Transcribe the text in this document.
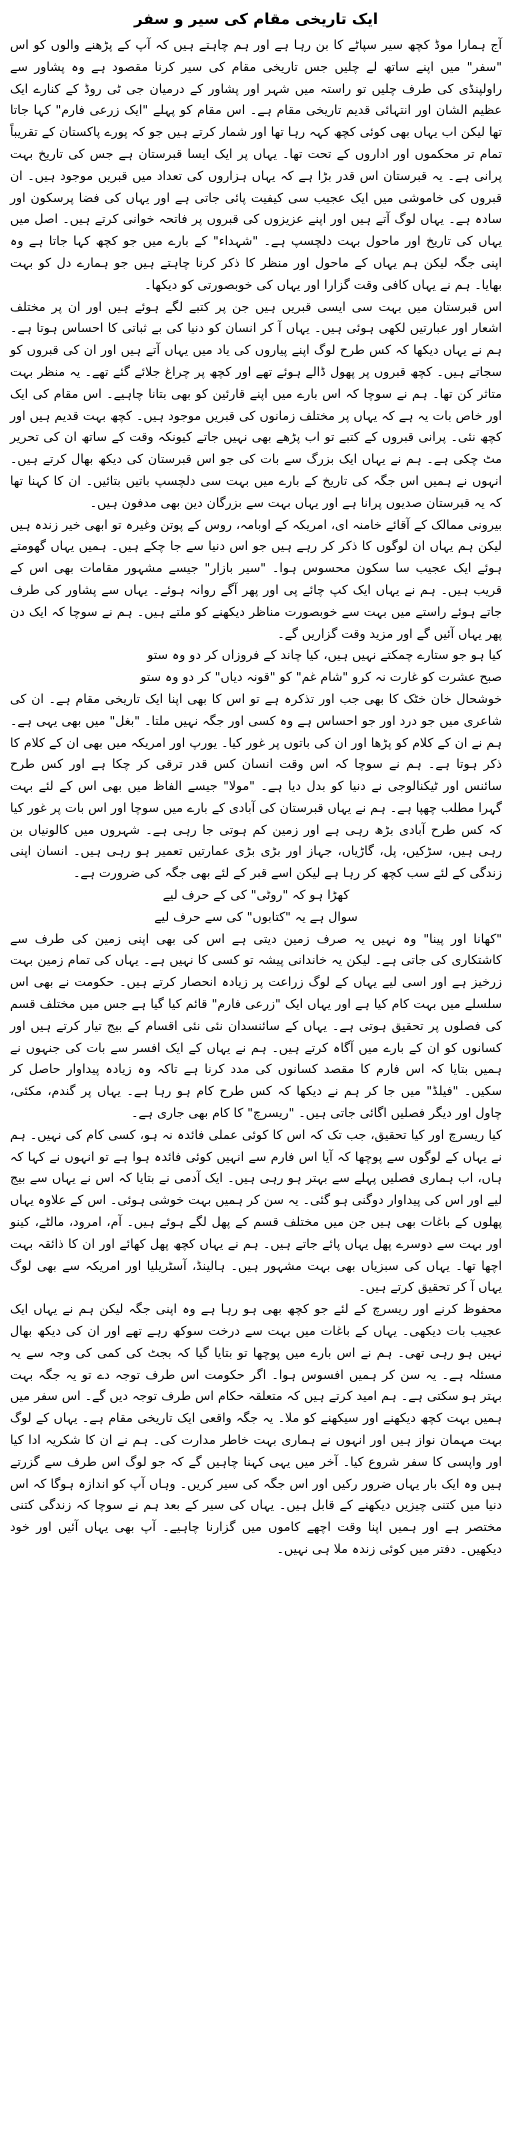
ایک تاریخی مقام کی سیر و سفر

آج ہمارا موڈ کچھ سیر سپاٹے کا بن رہا ہے اور ہم چاہتے ہیں کہ آپ کے پڑھنے والوں کو اس "سفر" میں اپنے ساتھ لے چلیں جس تاریخی مقام کی سیر کرنا مقصود ہے وہ پشاور سے راولپنڈی کی طرف چلیں تو راستہ میں شہر اور پشاور کے درمیان جی ٹی روڈ کے کنارے ایک عظیم الشان اور انتہائی قدیم تاریخی مقام ہے۔ اس مقام کو پہلے "ایک زرعی فارم" کہا جاتا تھا لیکن اب یہاں بھی کوئی کچھ کہہ رہا تھا اور شمار کرتے ہیں جو کہ پورے پاکستان کے تقریباً تمام تر محکموں اور اداروں کے تحت تھا۔ یہاں پر ایک ایسا قبرستان ہے جس کی تاریخ بہت پرانی ہے۔ یہ قبرستان اس قدر بڑا ہے کہ یہاں ہزاروں کی تعداد میں قبریں موجود ہیں۔ ان قبروں کی خاموشی میں ایک عجیب سی کیفیت پائی جاتی ہے اور یہاں کی فضا پرسکون اور سادہ ہے۔ یہاں لوگ آتے ہیں اور اپنے عزیزوں کی قبروں پر فاتحہ خوانی کرتے ہیں۔ اصل میں یہاں کی تاریخ اور ماحول بہت دلچسپ ہے۔ "شہداء" کے بارے میں جو کچھ کہا جاتا ہے وہ اپنی جگہ لیکن ہم یہاں کے ماحول اور منظر کا ذکر کرنا چاہتے ہیں جو ہمارے دل کو بہت بھایا۔ ہم نے یہاں کافی وقت گزارا اور یہاں کی خوبصورتی کو دیکھا۔

اس قبرستان میں بہت سی ایسی قبریں ہیں جن پر کتبے لگے ہوئے ہیں اور ان پر مختلف اشعار اور عبارتیں لکھی ہوئی ہیں۔ یہاں آ کر انسان کو دنیا کی بے ثباتی کا احساس ہوتا ہے۔ ہم نے یہاں دیکھا کہ کس طرح لوگ اپنے پیاروں کی یاد میں یہاں آتے ہیں اور ان کی قبروں کو سجاتے ہیں۔ کچھ قبروں پر پھول ڈالے ہوئے تھے اور کچھ پر چراغ جلائے گئے تھے۔ یہ منظر بہت متاثر کن تھا۔ ہم نے سوچا کہ اس بارے میں اپنے قارئین کو بھی بتانا چاہیے۔ اس مقام کی ایک اور خاص بات یہ ہے کہ یہاں پر مختلف زمانوں کی قبریں موجود ہیں۔ کچھ بہت قدیم ہیں اور کچھ نئی۔ پرانی قبروں کے کتبے تو اب پڑھے بھی نہیں جاتے کیونکہ وقت کے ساتھ ان کی تحریر مٹ چکی ہے۔ ہم نے یہاں ایک بزرگ سے بات کی جو اس قبرستان کی دیکھ بھال کرتے ہیں۔ انہوں نے ہمیں اس جگہ کی تاریخ کے بارے میں بہت سی دلچسپ باتیں بتائیں۔ ان کا کہنا تھا کہ یہ قبرستان صدیوں پرانا ہے اور یہاں بہت سے بزرگان دین بھی مدفون ہیں۔

بیرونی ممالک کے آقائے خامنہ ای، امریکہ کے اوبامہ، روس کے پوتن وغیرہ تو ابھی خیر زندہ ہیں لیکن ہم یہاں ان لوگوں کا ذکر کر رہے ہیں جو اس دنیا سے جا چکے ہیں۔ ہمیں یہاں گھومتے ہوئے ایک عجیب سا سکون محسوس ہوا۔ "سیر بازار" جیسے مشہور مقامات بھی اس کے قریب ہیں۔ ہم نے یہاں ایک کپ چائے پی اور پھر آگے روانہ ہوئے۔ یہاں سے پشاور کی طرف جاتے ہوئے راستے میں بہت سے خوبصورت مناظر دیکھنے کو ملتے ہیں۔ ہم نے سوچا کہ ایک دن پھر یہاں آئیں گے اور مزید وقت گزاریں گے۔

کیا ہو جو ستارے چمکتے نہیں ہیں، کیا چاند کے فروزاں کر دو وہ ستو
صبح عشرت کو غارت نہ کرو "شام غم" کو "قونہ دیاں" کر دو وہ ستو

خوشحال خان خٹک کا بھی جب اور تذکرہ ہے تو اس کا بھی اپنا ایک تاریخی مقام ہے۔ ان کی شاعری میں جو درد اور جو احساس ہے وہ کسی اور جگہ نہیں ملتا۔ "بغل" میں بھی یہی ہے۔ ہم نے ان کے کلام کو پڑھا اور ان کی باتوں پر غور کیا۔ یورپ اور امریکہ میں بھی ان کے کلام کا ذکر ہوتا ہے۔ ہم نے سوچا کہ اس وقت انسان کس قدر ترقی کر چکا ہے اور کس طرح سائنس اور ٹیکنالوجی نے دنیا کو بدل دیا ہے۔ "مولا" جیسے الفاظ میں بھی اس کے لئے بہت گہرا مطلب چھپا ہے۔ ہم نے یہاں قبرستان کی آبادی کے بارے میں سوچا اور اس بات پر غور کیا کہ کس طرح آبادی بڑھ رہی ہے اور زمین کم ہوتی جا رہی ہے۔ شہروں میں کالونیاں بن رہی ہیں، سڑکیں، پل، گاڑیاں، جہاز اور بڑی بڑی عمارتیں تعمیر ہو رہی ہیں۔ انسان اپنی زندگی کے لئے سب کچھ کر رہا ہے لیکن اسے قبر کے لئے بھی جگہ کی ضرورت ہے۔

کھڑا ہو کہ "روٹی" کی کے حرف لیے
سوال ہے یہ "کتابوں" کی سے حرف لیے

"کھانا اور پینا" وہ نہیں یہ صرف زمین دیتی ہے اس کی بھی اپنی زمین کی طرف سے کاشتکاری کی جاتی ہے۔ لیکن یہ خاندانی پیشہ تو کسی کا نہیں ہے۔ یہاں کی تمام زمین بہت زرخیز ہے اور اسی لیے یہاں کے لوگ زراعت پر زیادہ انحصار کرتے ہیں۔ حکومت نے بھی اس سلسلے میں بہت کام کیا ہے اور یہاں ایک "زرعی فارم" قائم کیا گیا ہے جس میں مختلف قسم کی فصلوں پر تحقیق ہوتی ہے۔ یہاں کے سائنسدان نئی نئی اقسام کے بیج تیار کرتے ہیں اور کسانوں کو ان کے بارے میں آگاہ کرتے ہیں۔ ہم نے یہاں کے ایک افسر سے بات کی جنہوں نے ہمیں بتایا کہ اس فارم کا مقصد کسانوں کی مدد کرنا ہے تاکہ وہ زیادہ پیداوار حاصل کر سکیں۔ "فیلڈ" میں جا کر ہم نے دیکھا کہ کس طرح کام ہو رہا ہے۔ یہاں پر گندم، مکئی، چاول اور دیگر فصلیں اگائی جاتی ہیں۔ "ریسرچ" کا کام بھی جاری ہے۔

کیا ریسرچ اور کیا تحقیق، جب تک کہ اس کا کوئی عملی فائدہ نہ ہو، کسی کام کی نہیں۔ ہم نے یہاں کے لوگوں سے پوچھا کہ آیا اس فارم سے انہیں کوئی فائدہ ہوا ہے تو انہوں نے کہا کہ ہاں، اب ہماری فصلیں پہلے سے بہتر ہو رہی ہیں۔ ایک آدمی نے بتایا کہ اس نے یہاں سے بیج لیے اور اس کی پیداوار دوگنی ہو گئی۔ یہ سن کر ہمیں بہت خوشی ہوئی۔ اس کے علاوہ یہاں پھلوں کے باغات بھی ہیں جن میں مختلف قسم کے پھل لگے ہوئے ہیں۔ آم، امرود، مالٹے، کینو اور بہت سے دوسرے پھل یہاں پائے جاتے ہیں۔ ہم نے یہاں کچھ پھل کھائے اور ان کا ذائقہ بہت اچھا تھا۔ یہاں کی سبزیاں بھی بہت مشہور ہیں۔ ہالینڈ، آسٹریلیا اور امریکہ سے بھی لوگ یہاں آ کر تحقیق کرتے ہیں۔

محفوظ کرنے اور ریسرچ کے لئے جو کچھ بھی ہو رہا ہے وہ اپنی جگہ لیکن ہم نے یہاں ایک عجیب بات دیکھی۔ یہاں کے باغات میں بہت سے درخت سوکھ رہے تھے اور ان کی دیکھ بھال نہیں ہو رہی تھی۔ ہم نے اس بارے میں پوچھا تو بتایا گیا کہ بجٹ کی کمی کی وجہ سے یہ مسئلہ ہے۔ یہ سن کر ہمیں افسوس ہوا۔ اگر حکومت اس طرف توجہ دے تو یہ جگہ بہت بہتر ہو سکتی ہے۔ ہم امید کرتے ہیں کہ متعلقہ حکام اس طرف توجہ دیں گے۔ اس سفر میں ہمیں بہت کچھ دیکھنے اور سیکھنے کو ملا۔ یہ جگہ واقعی ایک تاریخی مقام ہے۔ یہاں کے لوگ بہت مہمان نواز ہیں اور انہوں نے ہماری بہت خاطر مدارت کی۔ ہم نے ان کا شکریہ ادا کیا اور واپسی کا سفر شروع کیا۔ آخر میں یہی کہنا چاہیں گے کہ جو لوگ اس طرف سے گزرتے ہیں وہ ایک بار یہاں ضرور رکیں اور اس جگہ کی سیر کریں۔ وہاں آپ کو اندازہ ہوگا کہ اس دنیا میں کتنی چیزیں دیکھنے کے قابل ہیں۔ یہاں کی سیر کے بعد ہم نے سوچا کہ زندگی کتنی مختصر ہے اور ہمیں اپنا وقت اچھے کاموں میں گزارنا چاہیے۔ آپ بھی یہاں آئیں اور خود دیکھیں۔ دفتر میں کوئی زندہ ملا ہی نہیں۔
